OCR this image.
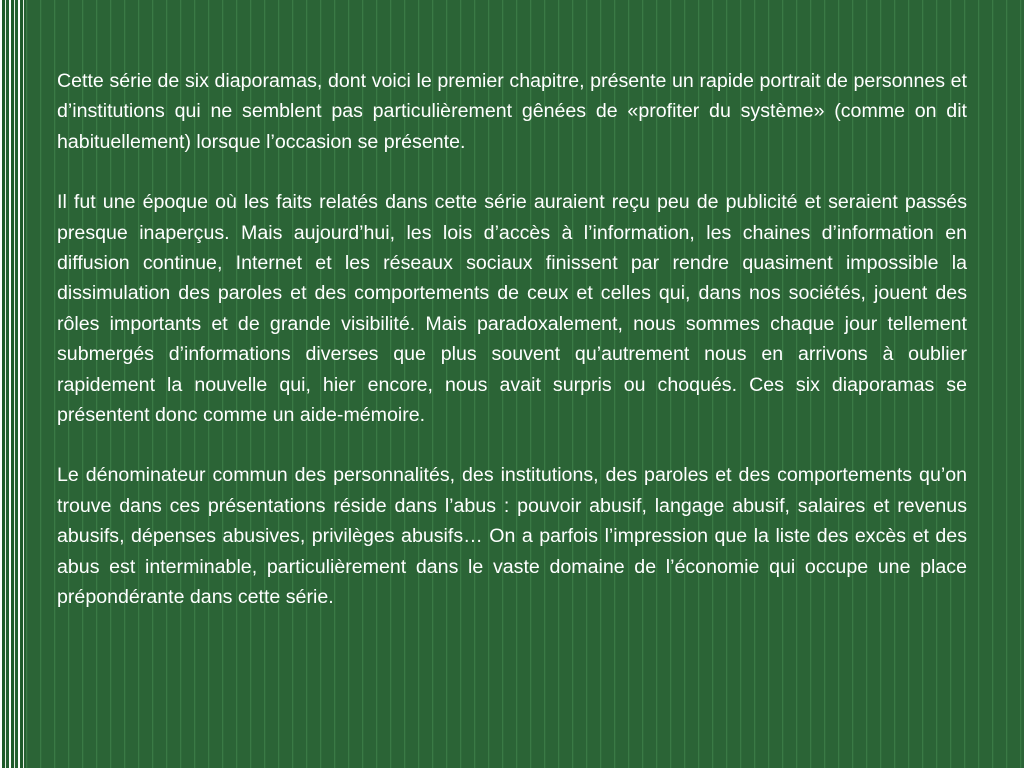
Cette série de six diaporamas, dont voici le premier chapitre, présente un rapide portrait de personnes et d’institutions qui ne semblent pas particulièrement gênées de «profiter du système» (comme on dit habituellement) lorsque l’occasion se présente.

Il fut une époque où les faits relatés dans cette série auraient reçu peu de publicité et seraient passés presque inaperçus. Mais aujourd’hui, les lois d’accès à l’information, les chaines d’information en diffusion continue, Internet et les réseaux sociaux finissent par rendre quasiment impossible la dissimulation des paroles et des comportements de ceux et celles qui, dans nos sociétés, jouent des rôles importants et de grande visibilité. Mais paradoxalement, nous sommes chaque jour tellement submergés d’informations diverses que plus souvent qu’autrement nous en arrivons à oublier rapidement la nouvelle qui, hier encore, nous avait surpris ou choqués. Ces six diaporamas se présentent donc comme un aide-mémoire.

Le dénominateur commun des personnalités, des institutions, des paroles et des comportements qu’on trouve dans ces présentations réside dans l’abus : pouvoir abusif, langage abusif, salaires et revenus abusifs, dépenses abusives, privilèges abusifs… On a parfois l’impression que la liste des excès et des abus est interminable, particulièrement dans le vaste domaine de l’économie qui occupe une place prépondérante dans cette série.
